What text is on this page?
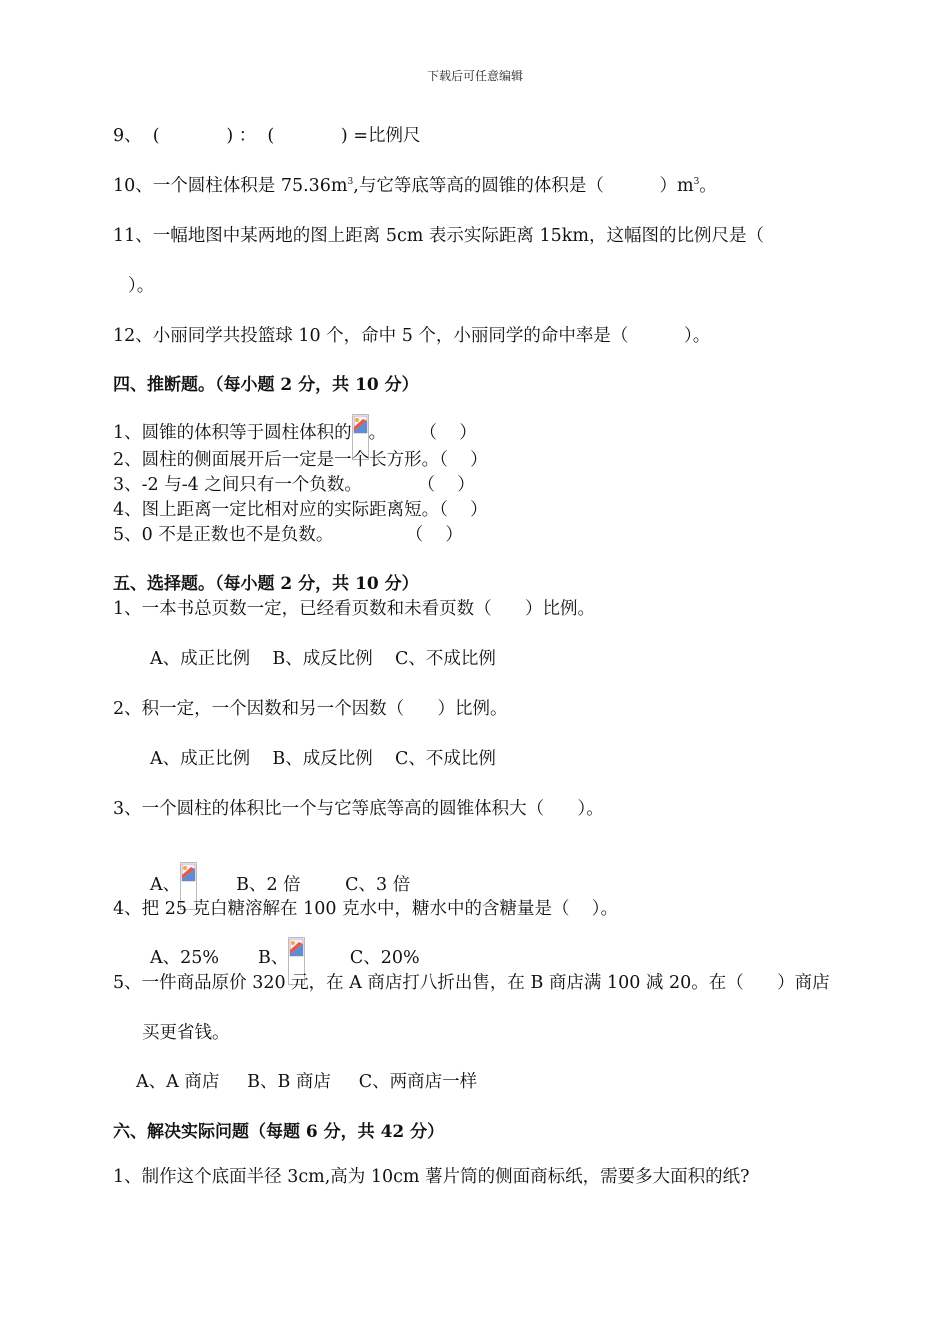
下载后可任意编辑
9、  (            ) ：  (            ) =比例尺
10、一个圆柱体积是 $75.36m^3$,与它等底等高的圆锥的体积是（          ）$m^3$。
11、一幅地图中某两地的图上距离 5cm 表示实际距离 15km，这幅图的比例尺是（
）。
12、小丽同学共投篮球 10 个，命中 5 个，小丽同学的命中率是（          ）。
四、推断题。（每小题 2 分，共 10 分）
1、圆锥的体积等于圆柱体积的 。      （    ）
2、圆柱的侧面展开后一定是一个长方形。（    ）
3、-2 与-4 之间只有一个负数。          （    ）
4、图上距离一定比相对应的实际距离短。（    ）
5、0 不是正数也不是负数。             （    ）
五、选择题。（每小题 2 分，共 10 分）
1、一本书总页数一定，已经看页数和未看页数（      ）比例。
A、成正比例    B、成反比例    C、不成比例
2、积一定，一个因数和另一个因数（      ）比例。
A、成正比例    B、成反比例    C、不成比例
3、一个圆柱的体积比一个与它等底等高的圆锥体积大（      ）。
A、
B、2 倍        C、3 倍
4、把 25 克白糖溶解在 100 克水中，糖水中的含糖量是（    ）。
A、25%       B、
C、20%
5、一件商品原价 320 元，在 A 商店打八折出售，在 B 商店满 100 减 20。在（      ）商店
买更省钱。
A、A 商店     B、B 商店     C、两商店一样
六、解决实际问题（每题 6 分，共 42 分）
1、制作这个底面半径 3cm,高为 10cm 薯片筒的侧面商标纸，需要多大面积的纸?
